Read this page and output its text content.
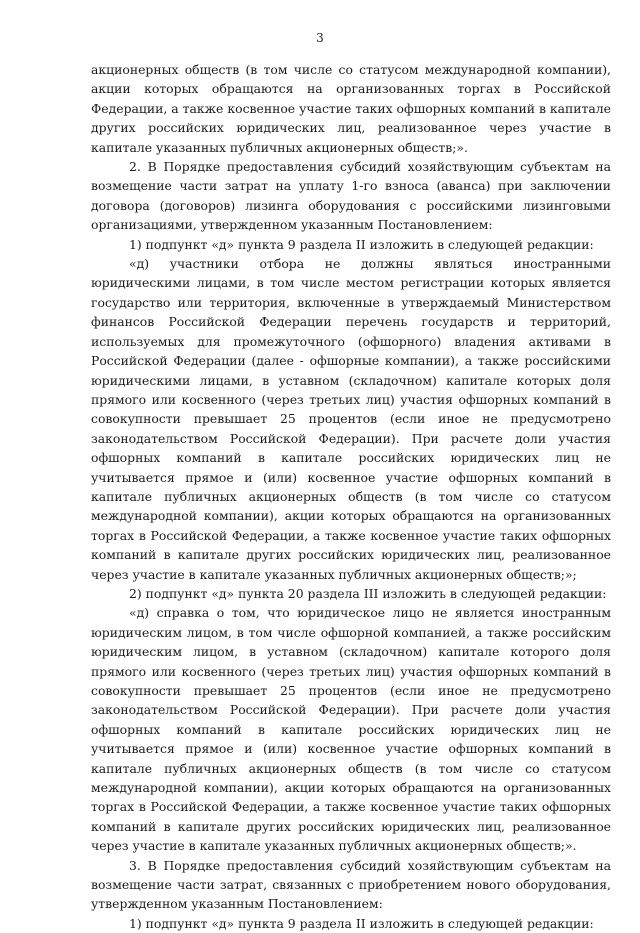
3

акционерных обществ (в том числе со статусом международной компании), акции которых обращаются на организованных торгах в Российской Федерации, а также косвенное участие таких офшорных компаний в капитале других российских юридических лиц, реализованное через участие в капитале указанных публичных акционерных обществ;».

2. В Порядке предоставления субсидий хозяйствующим субъектам на возмещение части затрат на уплату 1-го взноса (аванса) при заключении договора (договоров) лизинга оборудования с российскими лизинговыми организациями, утвержденном указанным Постановлением:

1) подпункт «д» пункта 9 раздела II изложить в следующей редакции:

«д) участники отбора не должны являться иностранными юридическими лицами, в том числе местом регистрации которых является государство или территория, включенные в утверждаемый Министерством финансов Российской Федерации перечень государств и территорий, используемых для промежуточного (офшорного) владения активами в Российской Федерации (далее - офшорные компании), а также российскими юридическими лицами, в уставном (складочном) капитале которых доля прямого или косвенного (через третьих лиц) участия офшорных компаний в совокупности превышает 25 процентов (если иное не предусмотрено законодательством Российской Федерации). При расчете доли участия офшорных компаний в капитале российских юридических лиц не учитывается прямое и (или) косвенное участие офшорных компаний в капитале публичных акционерных обществ (в том числе со статусом международной компании), акции которых обращаются на организованных торгах в Российской Федерации, а также косвенное участие таких офшорных компаний в капитале других российских юридических лиц, реализованное через участие в капитале указанных публичных акционерных обществ;»;

2) подпункт «д» пункта 20 раздела III изложить в следующей редакции:

«д) справка о том, что юридическое лицо не является иностранным юридическим лицом, в том числе офшорной компанией, а также российским юридическим лицом, в уставном (складочном) капитале которого доля прямого или косвенного (через третьих лиц) участия офшорных компаний в совокупности превышает 25 процентов (если иное не предусмотрено законодательством Российской Федерации). При расчете доли участия офшорных компаний в капитале российских юридических лиц не учитывается прямое и (или) косвенное участие офшорных компаний в капитале публичных акционерных обществ (в том числе со статусом международной компании), акции которых обращаются на организованных торгах в Российской Федерации, а также косвенное участие таких офшорных компаний в капитале других российских юридических лиц, реализованное через участие в капитале указанных публичных акционерных обществ;».

3. В Порядке предоставления субсидий хозяйствующим субъектам на возмещение части затрат, связанных с приобретением нового оборудования, утвержденном указанным Постановлением:

1) подпункт «д» пункта 9 раздела II изложить в следующей редакции:
